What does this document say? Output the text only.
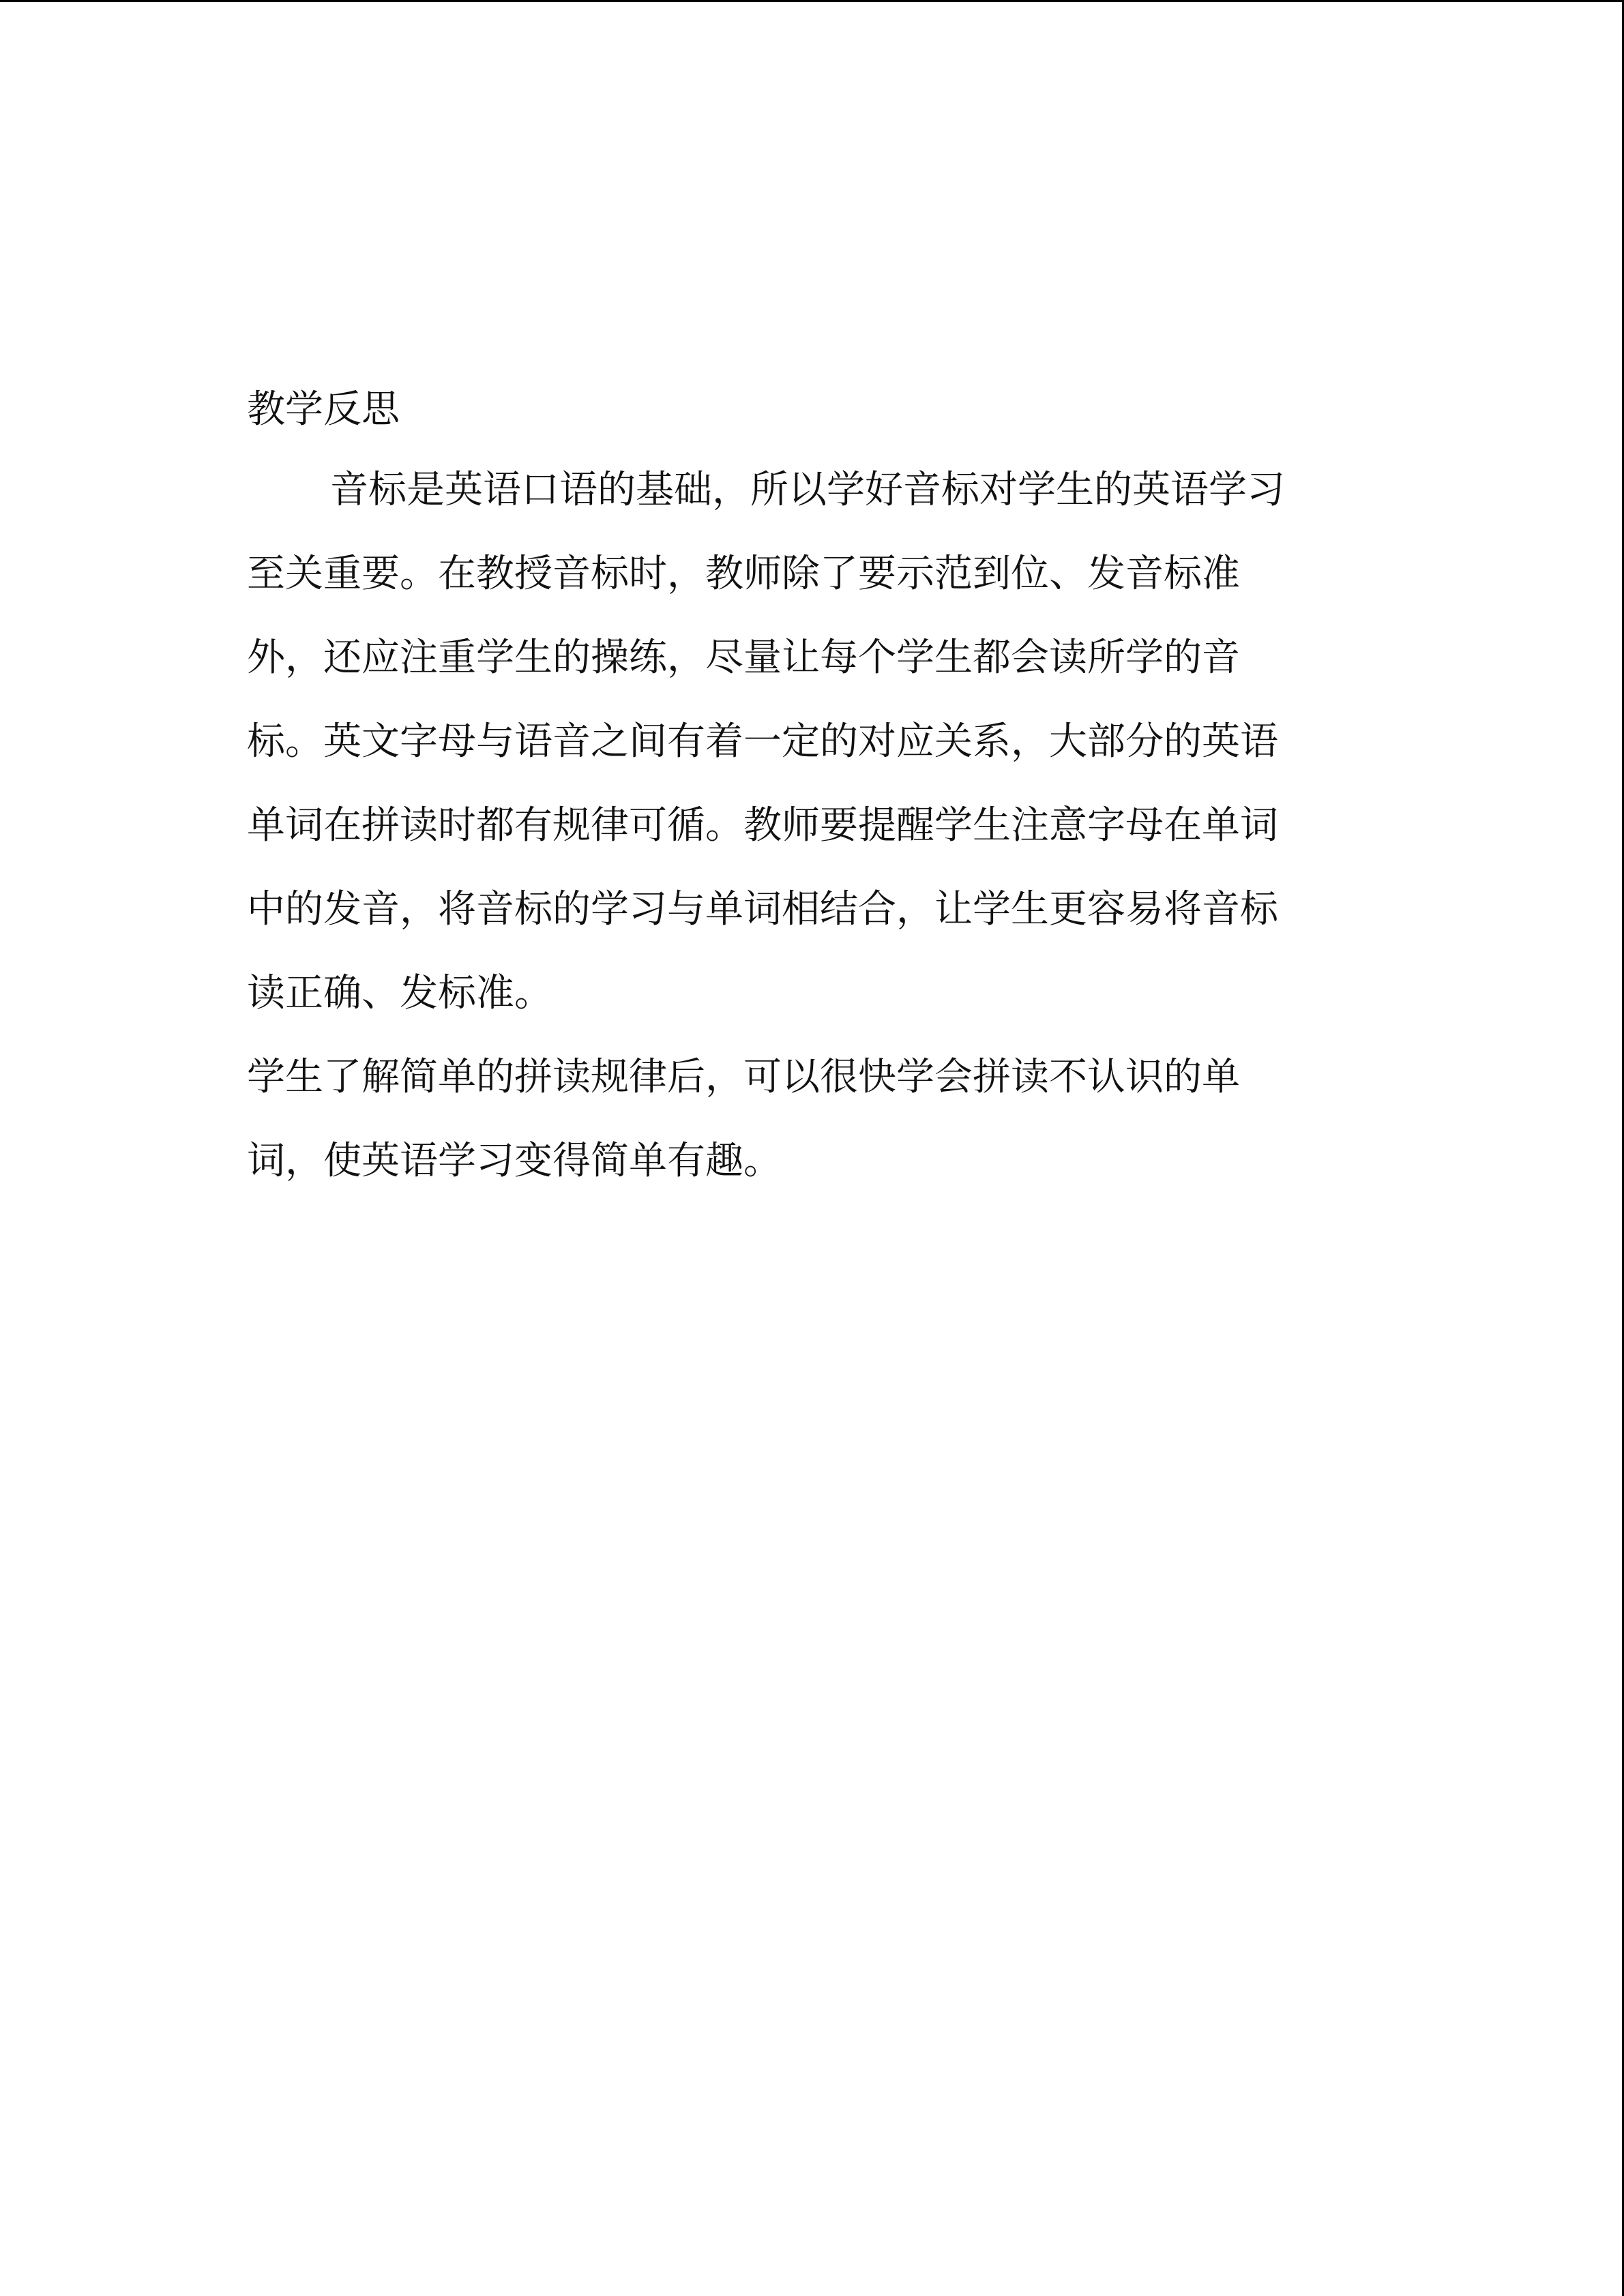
教学反思

音标是英语口语的基础，所以学好音标对学生的英语学习
至关重要。在教授音标时，教师除了要示范到位、发音标准
外，还应注重学生的操练，尽量让每个学生都会读所学的音
标。英文字母与语音之间有着一定的对应关系，大部分的英语
单词在拼读时都有规律可循。教师要提醒学生注意字母在单词
中的发音，将音标的学习与单词相结合，让学生更容易将音标
读正确、发标准。

学生了解简单的拼读规律后，可以很快学会拼读不认识的单
词，使英语学习变得简单有趣。
